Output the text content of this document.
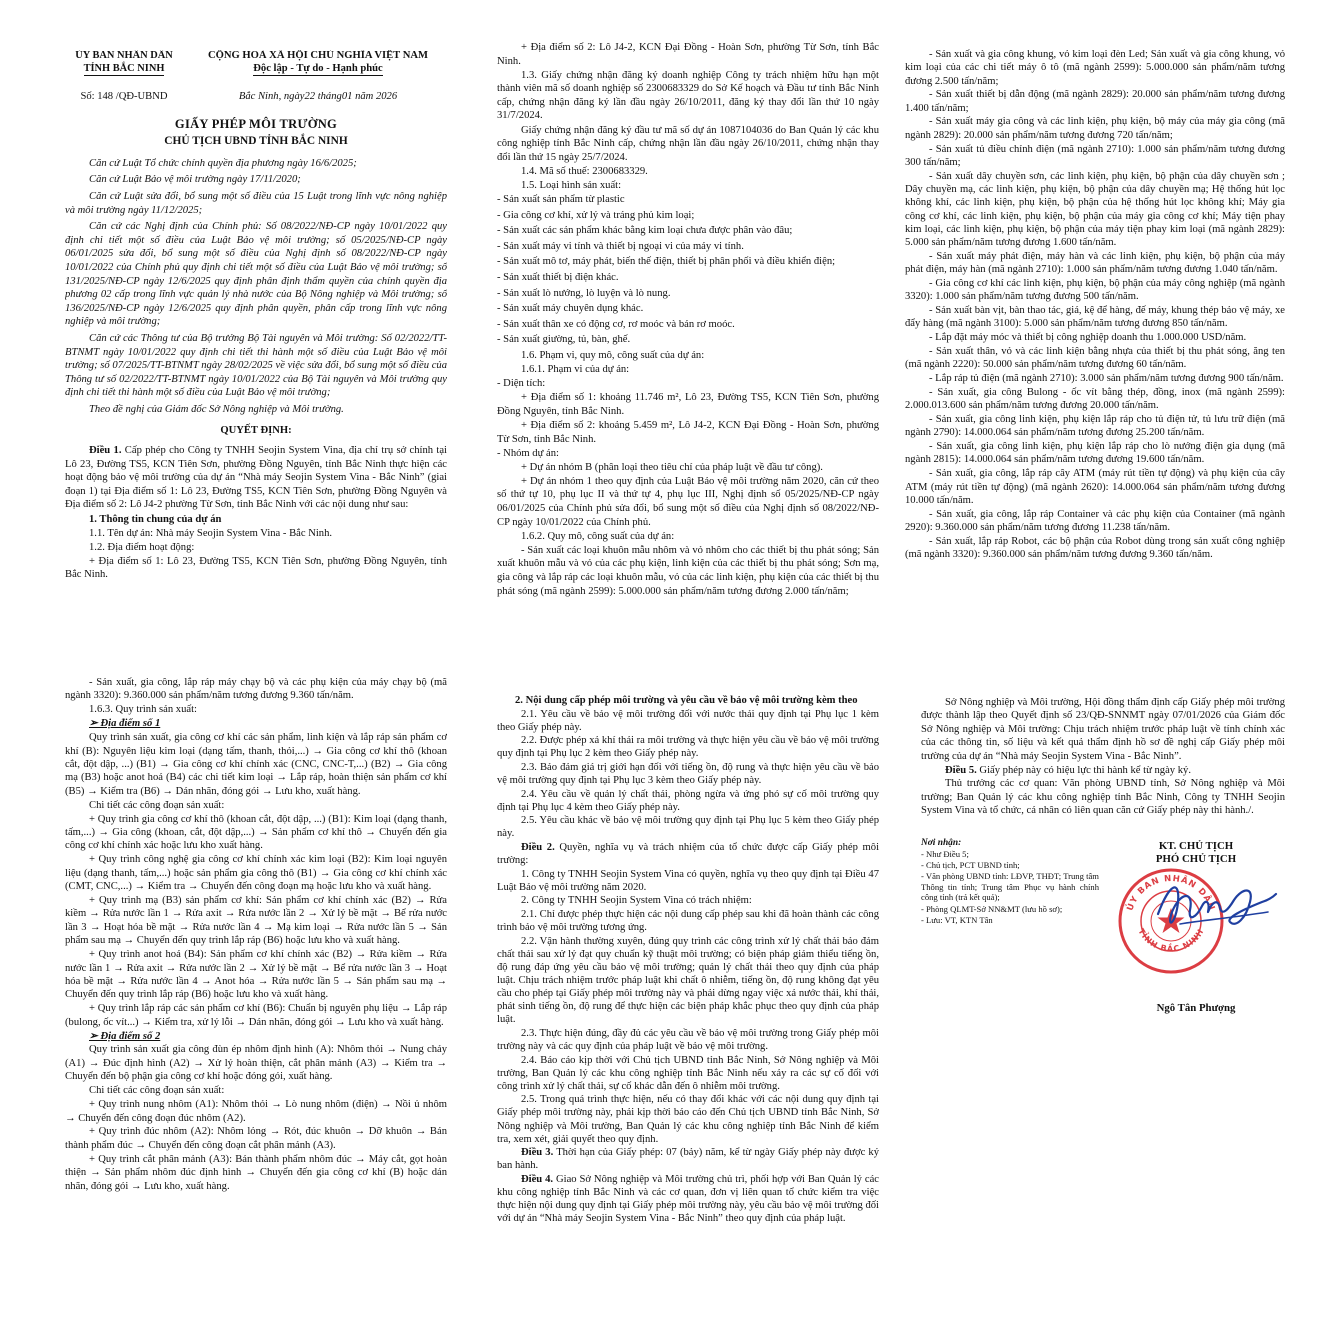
ỦY BAN NHÂN DÂN
TỈNH BẮC NINH
CỘNG HOÀ XÃ HỘI CHỦ NGHĨA VIỆT NAM
Độc lập - Tự do - Hạnh phúc
Số: 148 /QĐ-UBND	Bắc Ninh, ngày22 tháng01 năm 2026

GIẤY PHÉP MÔI TRƯỜNG

CHỦ TỊCH UBND TỈNH BẮC NINH

Căn cứ Luật Tổ chức chính quyền địa phương ngày 16/6/2025;

Căn cứ Luật Bảo vệ môi trường ngày 17/11/2020;

Căn cứ Luật sửa đổi, bổ sung một số điều của 15 Luật trong lĩnh vực nông nghiệp và môi trường ngày 11/12/2025;

Căn cứ các Nghị định của Chính phủ: Số 08/2022/NĐ-CP ngày 10/01/2022 quy định chi tiết một số điều của Luật Bảo vệ môi trường; số 05/2025/NĐ-CP ngày 06/01/2025 sửa đổi, bổ sung một số điều của Nghị định số 08/2022/NĐ-CP ngày 10/01/2022 của Chính phủ quy định chi tiết một số điều của Luật Bảo vệ môi trường; số 131/2025/NĐ-CP ngày 12/6/2025 quy định phân định thẩm quyền của chính quyền địa phương 02 cấp trong lĩnh vực quản lý nhà nước của Bộ Nông nghiệp và Môi trường; số 136/2025/NĐ-CP ngày 12/6/2025 quy định phân quyền, phân cấp trong lĩnh vực nông nghiệp và môi trường;

Căn cứ các Thông tư của Bộ trưởng Bộ Tài nguyên và Môi trường: Số 02/2022/TT-BTNMT ngày 10/01/2022 quy định chi tiết thi hành một số điều của Luật Bảo vệ môi trường; số 07/2025/TT-BTNMT ngày 28/02/2025 về việc sửa đổi, bổ sung một số điều của Thông tư số 02/2022/TT-BTNMT ngày 10/01/2022 của Bộ Tài nguyên và Môi trường quy định chi tiết thi hành một số điều của Luật Bảo vệ môi trường;

Theo đề nghị của Giám đốc Sở Nông nghiệp và Môi trường.

QUYẾT ĐỊNH:

Điều 1. Cấp phép cho Công ty TNHH Seojin System Vina, địa chỉ trụ sở chính tại Lô 23, Đường TS5, KCN Tiên Sơn, phường Đồng Nguyên, tỉnh Bắc Ninh thực hiện các hoạt động bảo vệ môi trường của dự án “Nhà máy Seojin System Vina - Bắc Ninh” (giai đoạn 1) tại Địa điểm số 1: Lô 23, Đường TS5, KCN Tiên Sơn, phường Đồng Nguyên và Địa điểm số 2: Lô J4-2 phường Từ Sơn, tỉnh Bắc Ninh với các nội dung như sau:

1. Thông tin chung của dự án

1.1. Tên dự án: Nhà máy Seojin System Vina - Bắc Ninh.

1.2. Địa điểm hoạt động:

+ Địa điểm số 1: Lô 23, Đường TS5, KCN Tiên Sơn, phường Đồng Nguyên, tỉnh Bắc Ninh.

+ Địa điểm số 2: Lô J4-2, KCN Đại Đồng - Hoàn Sơn, phường Từ Sơn, tỉnh Bắc Ninh.

1.3. Giấy chứng nhận đăng ký doanh nghiệp Công ty trách nhiệm hữu hạn một thành viên mã số doanh nghiệp số 2300683329 do Sở Kế hoạch và Đầu tư tỉnh Bắc Ninh cấp, chứng nhận đăng ký lần đầu ngày 26/10/2011, đăng ký thay đổi lần thứ 10 ngày 31/7/2024.

Giấy chứng nhận đăng ký đầu tư mã số dự án 1087104036 do Ban Quản lý các khu công nghiệp tỉnh Bắc Ninh cấp, chứng nhận lần đầu ngày 26/10/2011, chứng nhận thay đổi lần thứ 15 ngày 25/7/2024.

1.4. Mã số thuế: 2300683329.

1.5. Loại hình sản xuất:

- Sản xuất sản phẩm từ plastic

- Gia công cơ khí, xử lý và tráng phủ kim loại;

- Sản xuất các sản phẩm khác bằng kim loại chưa được phân vào đâu;

- Sản xuất máy vi tính và thiết bị ngoại vi của máy vi tính.

- Sản xuất mô tơ, máy phát, biến thế điện, thiết bị phân phối và điều khiển điện;

- Sản xuất thiết bị điện khác.

- Sản xuất lò nướng, lò luyện và lò nung.

- Sản xuất máy chuyên dụng khác.

- Sản xuất thân xe có động cơ, rơ moóc và bán rơ moóc.

- Sản xuất giường, tủ, bàn, ghế.

1.6. Phạm vi, quy mô, công suất của dự án:

1.6.1. Phạm vi của dự án:

- Diện tích:

+ Địa điểm số 1: khoảng 11.746 m², Lô 23, Đường TS5, KCN Tiên Sơn, phường Đồng Nguyên, tỉnh Bắc Ninh.

+ Địa điểm số 2: khoảng 5.459 m², Lô J4-2, KCN Đại Đồng - Hoàn Sơn, phường Từ Sơn, tỉnh Bắc Ninh.

- Nhóm dự án:

+ Dự án nhóm B (phân loại theo tiêu chí của pháp luật về đầu tư công).

+ Dự án nhóm 1 theo quy định của Luật Bảo vệ môi trường năm 2020, căn cứ theo số thứ tự 10, phụ lục II và thứ tự 4, phụ lục III, Nghị định số 05/2025/NĐ-CP ngày 06/01/2025 của Chính phủ sửa đổi, bổ sung một số điều của Nghị định số 08/2022/NĐ-CP ngày 10/01/2022 của Chính phủ.

1.6.2. Quy mô, công suất của dự án:

- Sản xuất các loại khuôn mẫu nhôm và vỏ nhôm cho các thiết bị thu phát sóng; Sản xuất khuôn mẫu và vỏ của các phụ kiện, linh kiện của các thiết bị thu phát sóng; Sơn mạ, gia công và lắp ráp các loại khuôn mẫu, vỏ của các linh kiện, phụ kiện của các thiết bị thu phát sóng (mã ngành 2599): 5.000.000 sản phẩm/năm tương đương 2.000 tấn/năm;

- Sản xuất và gia công khung, vỏ kim loại đèn Led; Sản xuất và gia công khung, vỏ kim loại của các chi tiết máy ô tô (mã ngành 2599): 5.000.000 sản phẩm/năm tương đương 2.500 tấn/năm;

- Sản xuất thiết bị dẫn động (mã ngành 2829): 20.000 sản phẩm/năm tương đương 1.400 tấn/năm;

- Sản xuất máy gia công và các linh kiện, phụ kiện, bộ máy của máy gia công (mã ngành 2829): 20.000 sản phẩm/năm tương đương 720 tấn/năm;

- Sản xuất tủ điều chỉnh điện (mã ngành 2710): 1.000 sản phẩm/năm tương đương 300 tấn/năm;

- Sản xuất dây chuyền sơn, các linh kiện, phụ kiện, bộ phận của dây chuyền sơn ; Dây chuyền mạ, các linh kiện, phụ kiện, bộ phận của dây chuyền mạ; Hệ thống hút lọc không khí, các linh kiện, phụ kiện, bộ phận của hệ thống hút lọc không khí; Máy gia công cơ khí, các linh kiện, phụ kiện, bộ phận của máy gia công cơ khí; Máy tiện phay kim loại, các linh kiện, phụ kiện, bộ phận của máy tiện phay kim loại (mã ngành 2829): 5.000 sản phẩm/năm tương đương 1.600 tấn/năm.

- Sản xuất máy phát điện, máy hàn và các linh kiện, phụ kiện, bộ phận của máy phát điện, máy hàn (mã ngành 2710): 1.000 sản phẩm/năm tương đương 1.040 tấn/năm.

- Gia công cơ khí các linh kiện, phụ kiện, bộ phận của máy công nghiệp (mã ngành 3320): 1.000 sản phẩm/năm tương đương 500 tấn/năm.

- Sản xuất bàn vịt, bàn thao tác, giá, kệ để hàng, đế máy, khung thép bảo vệ máy, xe đẩy hàng (mã ngành 3100): 5.000 sản phẩm/năm tương đương 850 tấn/năm.

- Lắp đặt máy móc và thiết bị công nghiệp doanh thu 1.000.000 USD/năm.

- Sản xuất thân, vỏ và các linh kiện bằng nhựa của thiết bị thu phát sóng, ăng ten (mã ngành 2220): 50.000 sản phẩm/năm tương đương 60 tấn/năm.

- Lắp ráp tủ điện (mã ngành 2710): 3.000 sản phẩm/năm tương đương 900 tấn/năm.

- Sản xuất, gia công Bulong - ốc vít bằng thép, đồng, inox (mã ngành 2599): 2.000.013.600 sản phẩm/năm tương đương 20.000 tấn/năm.

- Sản xuất, gia công linh kiện, phụ kiện lắp ráp cho tủ điện tử, tủ lưu trữ điện (mã ngành 2790): 14.000.064 sản phẩm/năm tương đương 25.200 tấn/năm.

- Sản xuất, gia công linh kiện, phụ kiện lắp ráp cho lò nướng điện gia dụng (mã ngành 2815): 14.000.064 sản phẩm/năm tương đương 19.600 tấn/năm.

- Sản xuất, gia công, lắp ráp cây ATM (máy rút tiền tự động) và phụ kiện của cây ATM (máy rút tiền tự động) (mã ngành 2620): 14.000.064 sản phẩm/năm tương đương 10.000 tấn/năm.

- Sản xuất, gia công, lắp ráp Container và các phụ kiện của Container (mã ngành 2920): 9.360.000 sản phẩm/năm tương đương 11.238 tấn/năm.

- Sản xuất, lắp ráp Robot, các bộ phận của Robot dùng trong sản xuất công nghiệp (mã ngành 3320): 9.360.000 sản phẩm/năm tương đương 9.360 tấn/năm.

- Sản xuất, gia công, lắp ráp máy chạy bộ và các phụ kiện của máy chạy bộ (mã ngành 3320): 9.360.000 sản phẩm/năm tương đương 9.360 tấn/năm.

1.6.3. Quy trình sản xuất:

➢ Địa điểm số 1

Quy trình sản xuất, gia công cơ khí các sản phẩm, linh kiện và lắp ráp sản phẩm cơ khí (B): Nguyên liệu kim loại (dạng tấm, thanh, thỏi,...) → Gia công cơ khí thô (khoan cắt, đột dập, ...) (B1) → Gia công cơ khí chính xác (CNC, CNC-T,...) (B2) → Gia công mạ (B3) hoặc anot hoá (B4) các chi tiết kim loại → Lắp ráp, hoàn thiện sản phẩm cơ khí (B5) → Kiểm tra (B6) → Dán nhãn, đóng gói → Lưu kho, xuất hàng.

Chi tiết các công đoạn sản xuất:

+ Quy trình gia công cơ khí thô (khoan cắt, đột dập, ...) (B1): Kim loại (dạng thanh, tấm,...) → Gia công (khoan, cắt, đột dập,...) → Sản phẩm cơ khí thô → Chuyển đến gia công cơ khí chính xác hoặc lưu kho xuất hàng.

+ Quy trình công nghệ gia công cơ khí chính xác kim loại (B2): Kim loại nguyên liệu (dạng thanh, tấm,...) hoặc sản phẩm gia công thô (B1) → Gia công cơ khí chính xác (CMT, CNC,...) → Kiểm tra → Chuyển đến công đoạn mạ hoặc lưu kho và xuất hàng.

+ Quy trình mạ (B3) sản phẩm cơ khí: Sản phẩm cơ khí chính xác (B2) → Rửa kiềm → Rửa nước lần 1 → Rửa axit → Rửa nước lần 2 → Xử lý bề mặt → Bể rửa nước lần 3 → Hoạt hóa bề mặt → Rửa nước lần 4 → Mạ kim loại → Rửa nước lần 5 → Sản phẩm sau mạ → Chuyển đến quy trình lắp ráp (B6) hoặc lưu kho và xuất hàng.

+ Quy trình anot hoá (B4): Sản phẩm cơ khí chính xác (B2) → Rửa kiềm → Rửa nước lần 1 → Rửa axit → Rửa nước lần 2 → Xử lý bề mặt → Bể rửa nước lần 3 → Hoạt hóa bề mặt → Rửa nước lần 4 → Anot hóa → Rửa nước lần 5 → Sản phẩm sau mạ → Chuyển đến quy trình lắp ráp (B6) hoặc lưu kho và xuất hàng.

+ Quy trình lắp ráp các sản phẩm cơ khí (B6): Chuẩn bị nguyên phụ liệu → Lắp ráp (bulong, ốc vít...) → Kiểm tra, xử lý lỗi → Dán nhãn, đóng gói → Lưu kho và xuất hàng.

➢ Địa điểm số 2

Quy trình sản xuất gia công đùn ép nhôm định hình (A): Nhôm thỏi → Nung chảy (A1) → Đúc định hình (A2) → Xử lý hoàn thiện, cắt phân mảnh (A3) → Kiểm tra → Chuyển đến bộ phận gia công cơ khí hoặc đóng gói, xuất hàng.

Chi tiết các công đoạn sản xuất:

+ Quy trình nung nhôm (A1): Nhôm thỏi → Lò nung nhôm (điện) → Nồi ủ nhôm → Chuyển đến công đoạn đúc nhôm (A2).

+ Quy trình đúc nhôm (A2): Nhôm lỏng → Rót, đúc khuôn → Dỡ khuôn → Bán thành phẩm đúc → Chuyển đến công đoạn cắt phân mảnh (A3).

+ Quy trình cắt phân mảnh (A3): Bán thành phẩm nhôm đúc → Máy cắt, gọt hoàn thiện → Sản phẩm nhôm đúc định hình → Chuyển đến gia công cơ khí (B) hoặc dán nhãn, đóng gói → Lưu kho, xuất hàng.

2. Nội dung cấp phép môi trường và yêu cầu về bảo vệ môi trường kèm theo

2.1. Yêu cầu về bảo vệ môi trường đối với nước thải quy định tại Phụ lục 1 kèm theo Giấy phép này.

2.2. Được phép xả khí thải ra môi trường và thực hiện yêu cầu về bảo vệ môi trường quy định tại Phụ lục 2 kèm theo Giấy phép này.

2.3. Bảo đảm giá trị giới hạn đối với tiếng ồn, độ rung và thực hiện yêu cầu về bảo vệ môi trường quy định tại Phụ lục 3 kèm theo Giấy phép này.

2.4. Yêu cầu về quản lý chất thải, phòng ngừa và ứng phó sự cố môi trường quy định tại Phụ lục 4 kèm theo Giấy phép này.

2.5. Yêu cầu khác về bảo vệ môi trường quy định tại Phụ lục 5 kèm theo Giấy phép này.

Điều 2. Quyền, nghĩa vụ và trách nhiệm của tổ chức được cấp Giấy phép môi trường:

1. Công ty TNHH Seojin System Vina có quyền, nghĩa vụ theo quy định tại Điều 47 Luật Bảo vệ môi trường năm 2020.

2. Công ty TNHH Seojin System Vina có trách nhiệm:

2.1. Chỉ được phép thực hiện các nội dung cấp phép sau khi đã hoàn thành các công trình bảo vệ môi trường tương ứng.

2.2. Vận hành thường xuyên, đúng quy trình các công trình xử lý chất thải bảo đảm chất thải sau xử lý đạt quy chuẩn kỹ thuật môi trường; có biện pháp giảm thiểu tiếng ồn, độ rung đáp ứng yêu cầu bảo vệ môi trường; quản lý chất thải theo quy định của pháp luật. Chịu trách nhiệm trước pháp luật khi chất ô nhiễm, tiếng ồn, độ rung không đạt yêu cầu cho phép tại Giấy phép môi trường này và phải dừng ngay việc xả nước thải, khí thải, phát sinh tiếng ồn, độ rung để thực hiện các biện pháp khắc phục theo quy định của pháp luật.

2.3. Thực hiện đúng, đầy đủ các yêu cầu về bảo vệ môi trường trong Giấy phép môi trường này và các quy định của pháp luật về bảo vệ môi trường.

2.4. Báo cáo kịp thời với Chủ tịch UBND tỉnh Bắc Ninh, Sở Nông nghiệp và Môi trường, Ban Quản lý các khu công nghiệp tỉnh Bắc Ninh nếu xảy ra các sự cố đối với công trình xử lý chất thải, sự cố khác dẫn đến ô nhiễm môi trường.

2.5. Trong quá trình thực hiện, nếu có thay đổi khác với các nội dung quy định tại Giấy phép môi trường này, phải kịp thời báo cáo đến Chủ tịch UBND tỉnh Bắc Ninh, Sở Nông nghiệp và Môi trường, Ban Quản lý các khu công nghiệp tỉnh Bắc Ninh để kiểm tra, xem xét, giải quyết theo quy định.

Điều 3. Thời hạn của Giấy phép: 07 (bảy) năm, kể từ ngày Giấy phép này được ký ban hành.

Điều 4. Giao Sở Nông nghiệp và Môi trường chủ trì, phối hợp với Ban Quản lý các khu công nghiệp tỉnh Bắc Ninh và các cơ quan, đơn vị liên quan tổ chức kiểm tra việc thực hiện nội dung quy định tại Giấy phép môi trường này, yêu cầu bảo vệ môi trường đối với dự án “Nhà máy Seojin System Vina - Bắc Ninh” theo quy định của pháp luật.

Sở Nông nghiệp và Môi trường, Hội đồng thẩm định cấp Giấy phép môi trường được thành lập theo Quyết định số 23/QĐ-SNNMT ngày 07/01/2026 của Giám đốc Sở Nông nghiệp và Môi trường: Chịu trách nhiệm trước pháp luật về tính chính xác của các thông tin, số liệu và kết quả thẩm định hồ sơ đề nghị cấp Giấy phép môi trường của dự án “Nhà máy Seojin System Vina - Bắc Ninh”.

Điều 5. Giấy phép này có hiệu lực thi hành kể từ ngày ký.

Thủ trưởng các cơ quan: Văn phòng UBND tỉnh, Sở Nông nghiệp và Môi trường; Ban Quản lý các khu công nghiệp tỉnh Bắc Ninh, Công ty TNHH Seojin System Vina và tổ chức, cá nhân có liên quan căn cứ Giấy phép này thi hành./.

Nơi nhận:

- Như Điều 5;

- Chủ tịch, PCT UBND tỉnh;

- Văn phòng UBND tỉnh: LĐVP, THĐT; Trung tâm Thông tin tỉnh; Trung tâm Phục vụ hành chính công tỉnh (trả kết quả);

- Phòng QLMT-Sở NN&MT (lưu hồ sơ);

- Lưu: VT, KTN Tân

KT. CHỦ TỊCH
PHÓ CHỦ TỊCH
ỦY BAN NHÂN DÂN
TỈNH BẮC NINH
Ngô Tân Phượng
